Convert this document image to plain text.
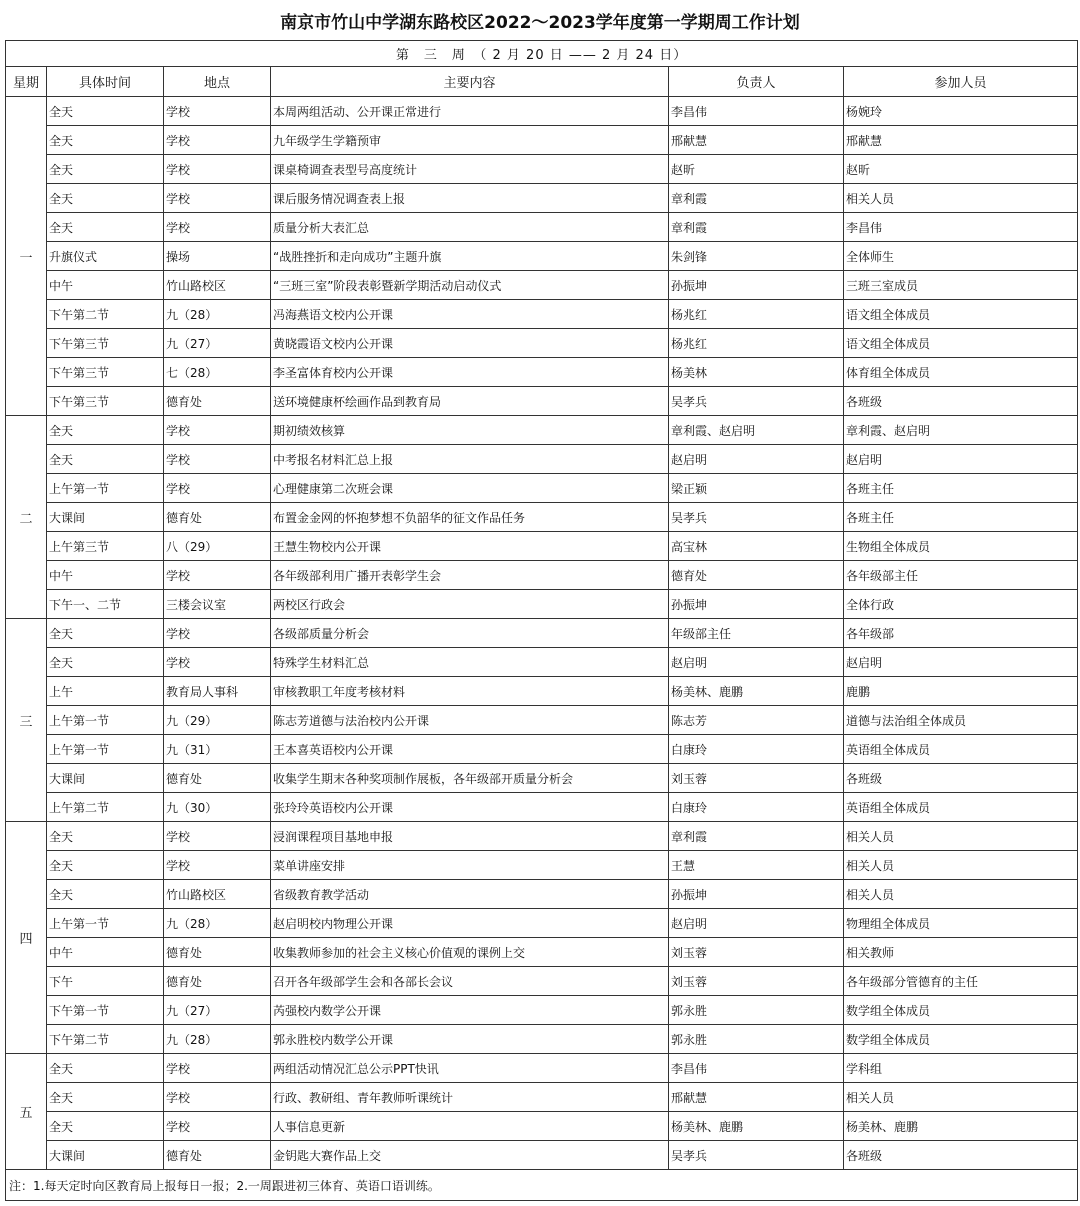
南京市竹山中学湖东路校区2022～2023学年度第一学期周工作计划
第　三　周　（ 2 月 20 日 —— 2 月 24 日）					
星期	具体时间	地点	主要内容	负责人	参加人员
一	全天	学校	本周两组活动、公开课正常进行	李昌伟	杨婉玲
	全天	学校	九年级学生学籍预审	邢献慧	邢献慧
	全天	学校	课桌椅调查表型号高度统计	赵昕	赵昕
	全天	学校	课后服务情况调查表上报	章利霞	相关人员
	全天	学校	质量分析大表汇总	章利霞	李昌伟
	升旗仪式	操场	“战胜挫折和走向成功”主题升旗	朱剑锋	全体师生
	中午	竹山路校区	“三班三室”阶段表彰暨新学期活动启动仪式	孙振坤	三班三室成员
	下午第二节	九（28）	冯海燕语文校内公开课	杨兆红	语文组全体成员
	下午第三节	九（27）	黄晓霞语文校内公开课	杨兆红	语文组全体成员
	下午第三节	七（28）	李圣富体育校内公开课	杨美林	体育组全体成员
	下午第三节	德育处	送环境健康杯绘画作品到教育局	吴孝兵	各班级
二	全天	学校	期初绩效核算	章利霞、赵启明	章利霞、赵启明
	全天	学校	中考报名材料汇总上报	赵启明	赵启明
	上午第一节	学校	心理健康第二次班会课	梁正颖	各班主任
	大课间	德育处	布置金金网的怀抱梦想不负韶华的征文作品任务	吴孝兵	各班主任
	上午第三节	八（29）	王慧生物校内公开课	高宝林	生物组全体成员
	中午	学校	各年级部利用广播开表彰学生会	德育处	各年级部主任
	下午一、二节	三楼会议室	两校区行政会	孙振坤	全体行政
三	全天	学校	各级部质量分析会	年级部主任	各年级部
	全天	学校	特殊学生材料汇总	赵启明	赵启明
	上午	教育局人事科	审核教职工年度考核材料	杨美林、鹿鹏	鹿鹏
	上午第一节	九（29）	陈志芳道德与法治校内公开课	陈志芳	道德与法治组全体成员
	上午第一节	九（31）	王本喜英语校内公开课	白康玲	英语组全体成员
	大课间	德育处	收集学生期末各种奖项制作展板，各年级部开质量分析会	刘玉蓉	各班级
	上午第二节	九（30）	张玲玲英语校内公开课	白康玲	英语组全体成员
四	全天	学校	浸润课程项目基地申报	章利霞	相关人员
	全天	学校	菜单讲座安排	王慧	相关人员
	全天	竹山路校区	省级教育教学活动	孙振坤	相关人员
	上午第一节	九（28）	赵启明校内物理公开课	赵启明	物理组全体成员
	中午	德育处	收集教师参加的社会主义核心价值观的课例上交	刘玉蓉	相关教师
	下午	德育处	召开各年级部学生会和各部长会议	刘玉蓉	各年级部分管德育的主任
	下午第一节	九（27）	芮强校内数学公开课	郭永胜	数学组全体成员
	下午第二节	九（28）	郭永胜校内数学公开课	郭永胜	数学组全体成员
五	全天	学校	两组活动情况汇总公示PPT快讯	李昌伟	学科组
	全天	学校	行政、教研组、青年教师听课统计	邢献慧	相关人员
	全天	学校	人事信息更新	杨美林、鹿鹏	杨美林、鹿鹏
	大课间	德育处	金钥匙大赛作品上交	吴孝兵	各班级
注：1.每天定时向区教育局上报每日一报；2.一周跟进初三体育、英语口语训练。					
